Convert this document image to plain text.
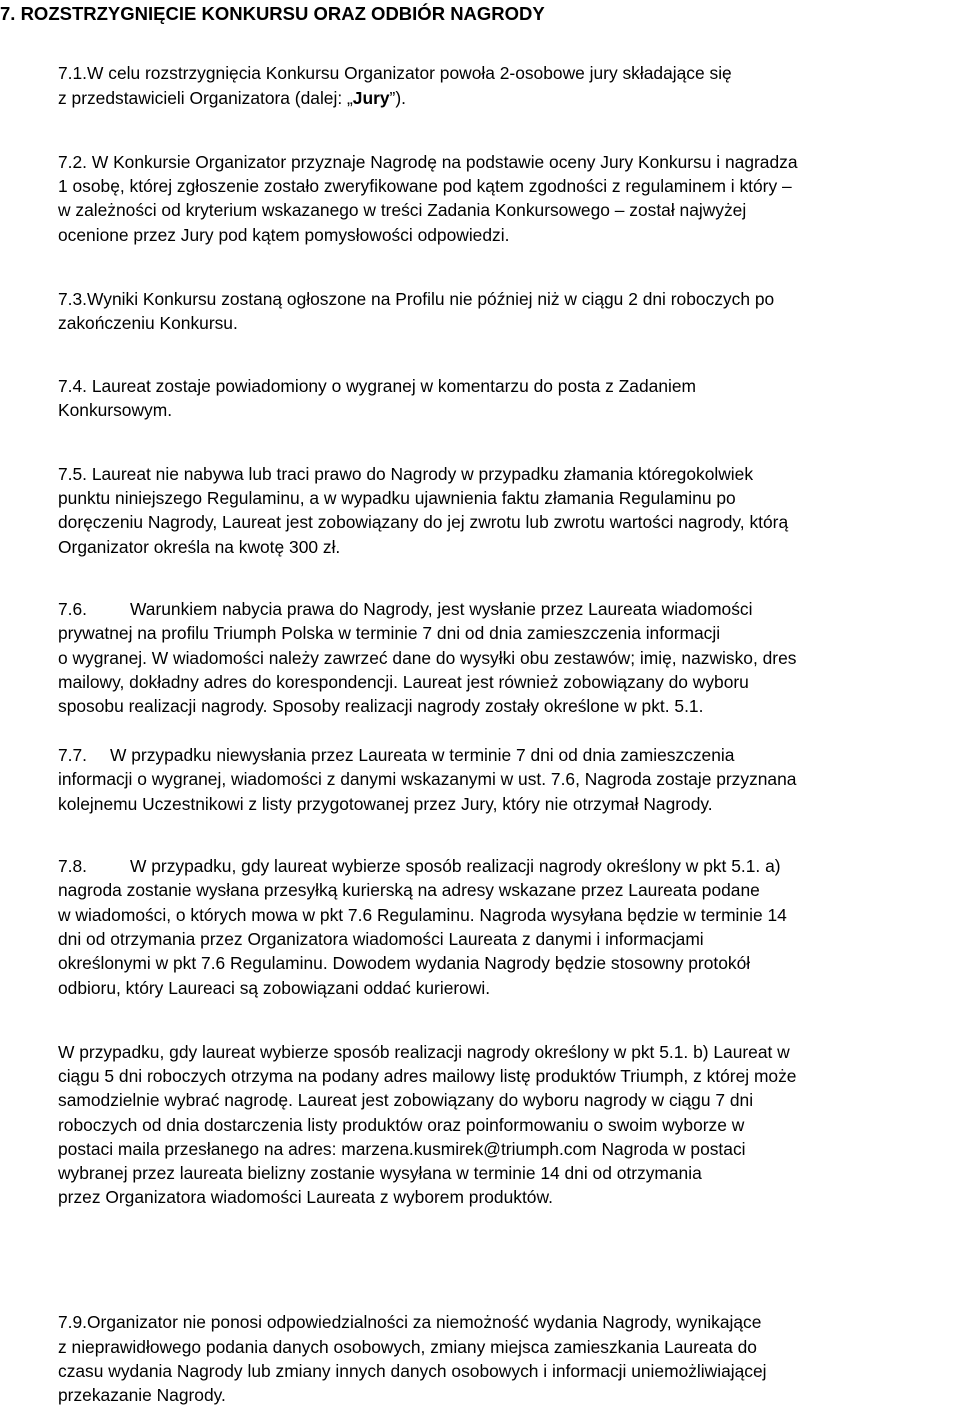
7. ROZSTRZYGNIĘCIE KONKURSU ORAZ ODBIÓR NAGRODY
7.1.W celu rozstrzygnięcia Konkursu Organizator powoła 2-osobowe jury składające się
z przedstawicieli Organizatora (dalej: „Jury”).
7.2. W Konkursie Organizator przyznaje Nagrodę na podstawie oceny Jury Konkursu i nagradza
1 osobę, której zgłoszenie zostało zweryfikowane pod kątem zgodności z regulaminem i który –
w zależności od kryterium wskazanego w treści Zadania Konkursowego – został najwyżej
ocenione przez Jury pod kątem pomysłowości odpowiedzi.
7.3.Wyniki Konkursu zostaną ogłoszone na Profilu nie później niż w ciągu 2 dni roboczych po
zakończeniu Konkursu.
7.4. Laureat zostaje powiadomiony o wygranej w komentarzu do posta z Zadaniem
Konkursowym.
7.5. Laureat nie nabywa lub traci prawo do Nagrody w przypadku złamania któregokolwiek
punktu niniejszego Regulaminu, a w wypadku ujawnienia faktu złamania Regulaminu po
doręczeniu Nagrody, Laureat jest zobowiązany do jej zwrotu lub zwrotu wartości nagrody, którą
Organizator określa na kwotę 300 zł.
7.6. Warunkiem nabycia prawa do Nagrody, jest wysłanie przez Laureata wiadomości
prywatnej na profilu Triumph Polska w terminie 7 dni od dnia zamieszczenia informacji
o wygranej. W wiadomości należy zawrzeć dane do wysyłki obu zestawów; imię, nazwisko, dres
mailowy, dokładny adres do korespondencji. Laureat jest również zobowiązany do wyboru
sposobu realizacji nagrody. Sposoby realizacji nagrody zostały określone w pkt. 5.1.
7.7. W przypadku niewysłania przez Laureata w terminie 7 dni od dnia zamieszczenia
informacji o wygranej, wiadomości z danymi wskazanymi w ust. 7.6, Nagroda zostaje przyznana
kolejnemu Uczestnikowi z listy przygotowanej przez Jury, który nie otrzymał Nagrody.
7.8. W przypadku, gdy laureat wybierze sposób realizacji nagrody określony w pkt 5.1. a)
nagroda zostanie wysłana przesyłką kurierską na adresy wskazane przez Laureata podane
w wiadomości, o których mowa w pkt 7.6 Regulaminu. Nagroda wysyłana będzie w terminie 14
dni od otrzymania przez Organizatora wiadomości Laureata z danymi i informacjami
określonymi w pkt 7.6 Regulaminu. Dowodem wydania Nagrody będzie stosowny protokół
odbioru, który Laureaci są zobowiązani oddać kurierowi.
W przypadku, gdy laureat wybierze sposób realizacji nagrody określony w pkt 5.1. b) Laureat w
ciągu 5 dni roboczych otrzyma na podany adres mailowy listę produktów Triumph, z której może
samodzielnie wybrać nagrodę. Laureat jest zobowiązany do wyboru nagrody w ciągu 7 dni
roboczych od dnia dostarczenia listy produktów oraz poinformowaniu o swoim wyborze w
postaci maila przesłanego na adres: marzena.kusmirek@triumph.com Nagroda w postaci
wybranej przez laureata bielizny zostanie wysyłana w terminie 14 dni od otrzymania
przez Organizatora wiadomości Laureata z wyborem produktów.
7.9.Organizator nie ponosi odpowiedzialności za niemożność wydania Nagrody, wynikające
z nieprawidłowego podania danych osobowych, zmiany miejsca zamieszkania Laureata do
czasu wydania Nagrody lub zmiany innych danych osobowych i informacji uniemożliwiającej
przekazanie Nagrody.
